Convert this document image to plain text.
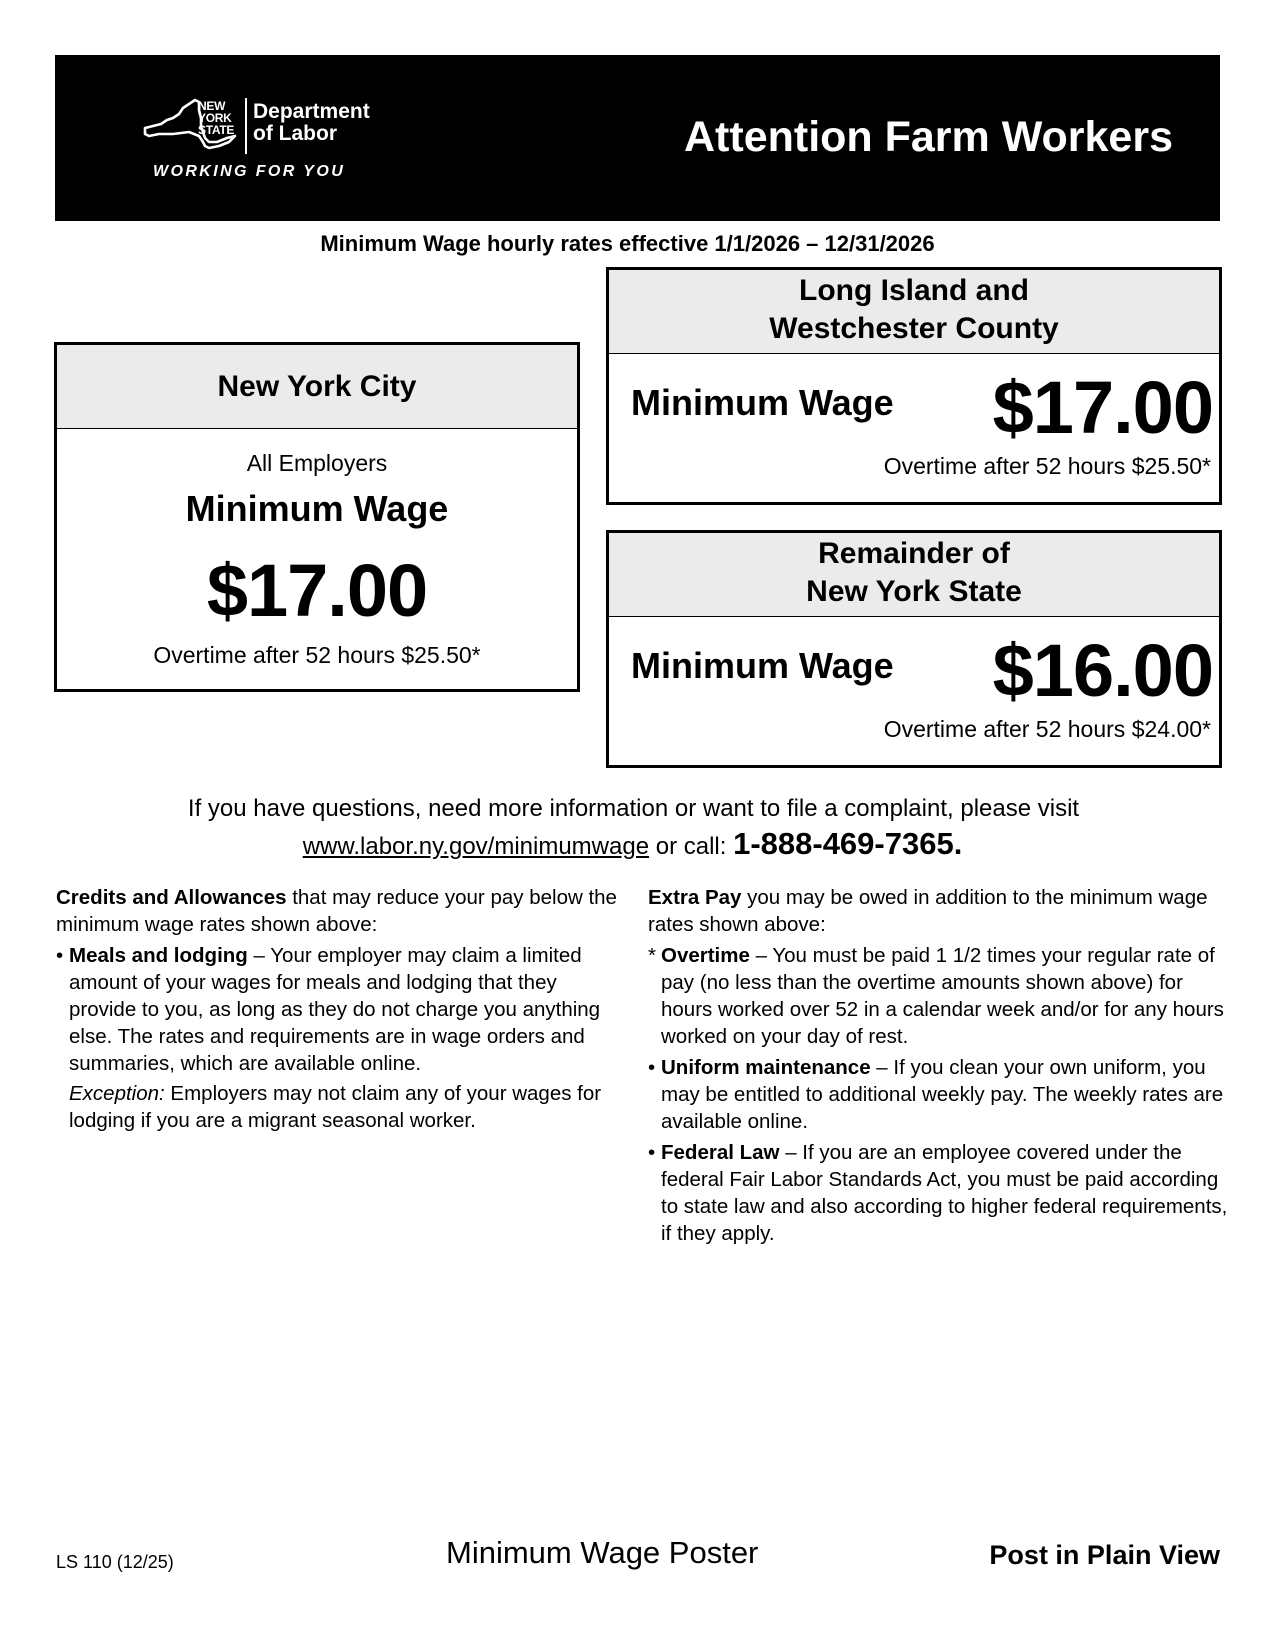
NEW YORK STATE
Department
of Labor
WORKING FOR YOU
Attention Farm Workers
Minimum Wage hourly rates effective 1/1/2026 – 12/31/2026
New York City
All Employers
Minimum Wage
$17.00
Overtime after 52 hours $25.50*
Long Island and
Westchester County
Minimum Wage $17.00
Overtime after 52 hours $25.50*
Remainder of
New York State
Minimum Wage $16.00
Overtime after 52 hours $24.00*
If you have questions, need more information or want to file a complaint, please visit
www.labor.ny.gov/minimumwage or call: 1-888-469-7365.
Credits and Allowances that may reduce your pay below the minimum wage rates shown above:
• Meals and lodging – Your employer may claim a limited amount of your wages for meals and lodging that they provide to you, as long as they do not charge you anything else. The rates and requirements are in wage orders and summaries, which are available online.
Exception: Employers may not claim any of your wages for lodging if you are a migrant seasonal worker.
Extra Pay you may be owed in addition to the minimum wage rates shown above:
* Overtime – You must be paid 1 1/2 times your regular rate of pay (no less than the overtime amounts shown above) for hours worked over 52 in a calendar week and/or for any hours worked on your day of rest.
• Uniform maintenance – If you clean your own uniform, you may be entitled to additional weekly pay. The weekly rates are available online.
• Federal Law – If you are an employee covered under the federal Fair Labor Standards Act, you must be paid according to state law and also according to higher federal requirements, if they apply.
LS 110 (12/25)	Minimum Wage Poster	Post in Plain View
